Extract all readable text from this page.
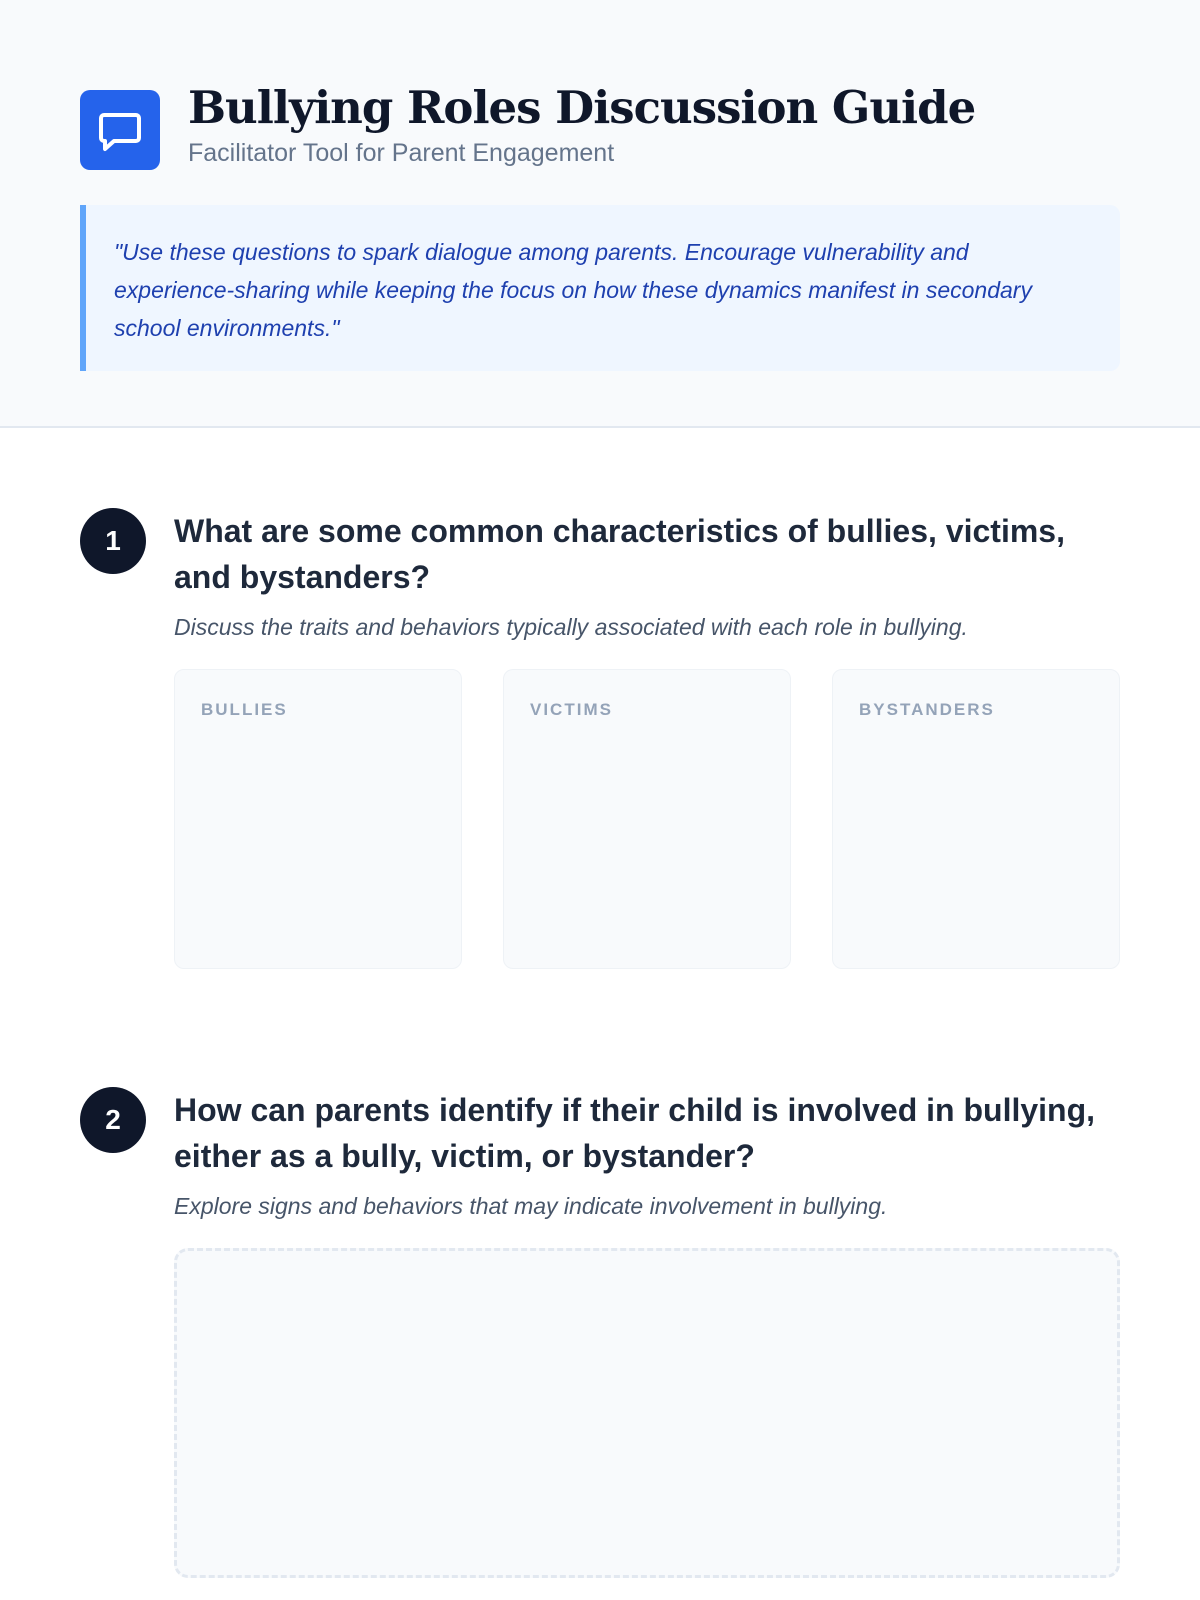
Bullying Roles Discussion Guide
Facilitator Tool for Parent Engagement
"Use these questions to spark dialogue among parents. Encourage vulnerability and experience-sharing while keeping the focus on how these dynamics manifest in secondary school environments."
1	What are some common characteristics of bullies, victims, and bystanders?
Discuss the traits and behaviors typically associated with each role in bullying.
BULLIES	VICTIMS	BYSTANDERS
2	How can parents identify if their child is involved in bullying, either as a bully, victim, or bystander?
Explore signs and behaviors that may indicate involvement in bullying.
